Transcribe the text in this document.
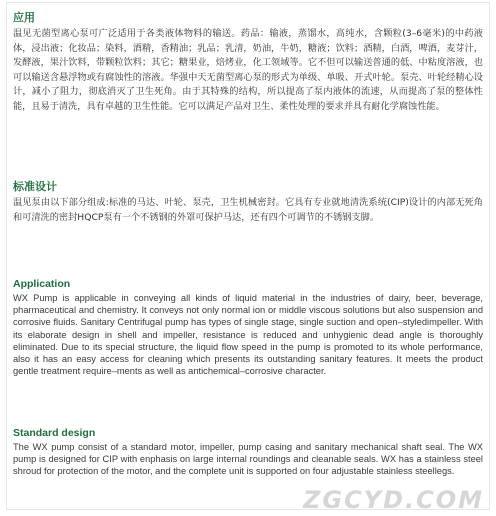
应用

温见无菌型离心泵可广泛适用于各类液体物料的输送。药品：输液，蒸馏水，高纯水，含颗粒(3–6毫米)的中药液体，浸出液；化妆品；染料，酒精，香精油；乳品；乳清，奶油，牛奶，糖液；饮料；酒精，白酒，啤酒，麦芽汁，发酵液，果汁饮料，带颗粒饮料；其它；糖果业，焙烤业，化工领域等。它不但可以输送普通的低、中粘度溶液，也可以输送含悬浮物或有腐蚀性的溶液。华强中天无菌型离心泵的形式为单级、单吸、开式叶轮。泵壳、叶轮经精心设计，减小了阻力，彻底消灭了卫生死角。由于其特殊的结构，所以提高了泵内液体的流速，从而提高了泵的整体性能，且易于清洗，具有卓越的卫生性能。它可以满足产品对卫生、柔性处理的要求并具有耐化学腐蚀性能。

标准设计

温见泵由以下部分组成:标准的马达、叶轮、泵壳，卫生机械密封。它具有专业就地清洗系统(CIP)设计的内部无死角和可清洗的密封HQCP泵有一个不锈钢的外罩可保护马达，还有四个可调节的不锈钢支脚。

Application

WX Pump is applicable in conveying all kinds of liquid material in the industries of dairy, beer, beverage, pharmaceutical and chemistry. It conveys not only normal ion or middle viscous solutions but also suspension and corrosive fluids. Sanitary Centrifugal pump has types of single stage, single suction and open–styledimpeller. With its elaborate design in shell and impeller, resistance is reduced and unhygienic dead angle is thoroughly eliminated. Due to its special structure, the liquid flow speed in the pump is promoted to its whole performance, also it has an easy access for cleaning which presents its outstanding sanitary features. It meets the product gentle treatment require–ments as well as antichemical–corrosive character.

Standard design

The WX pump consist of a standard motor, impeller, pump casing and sanitary mechanical shaft seal. The WX pump is designed for CIP with enphasis on large internal roundings and cleanable seals. WX has a stainless steel shroud for protection of the motor, and the complete unit is supported on four adjustable stainless steellegs.

ZGCYD.COM
